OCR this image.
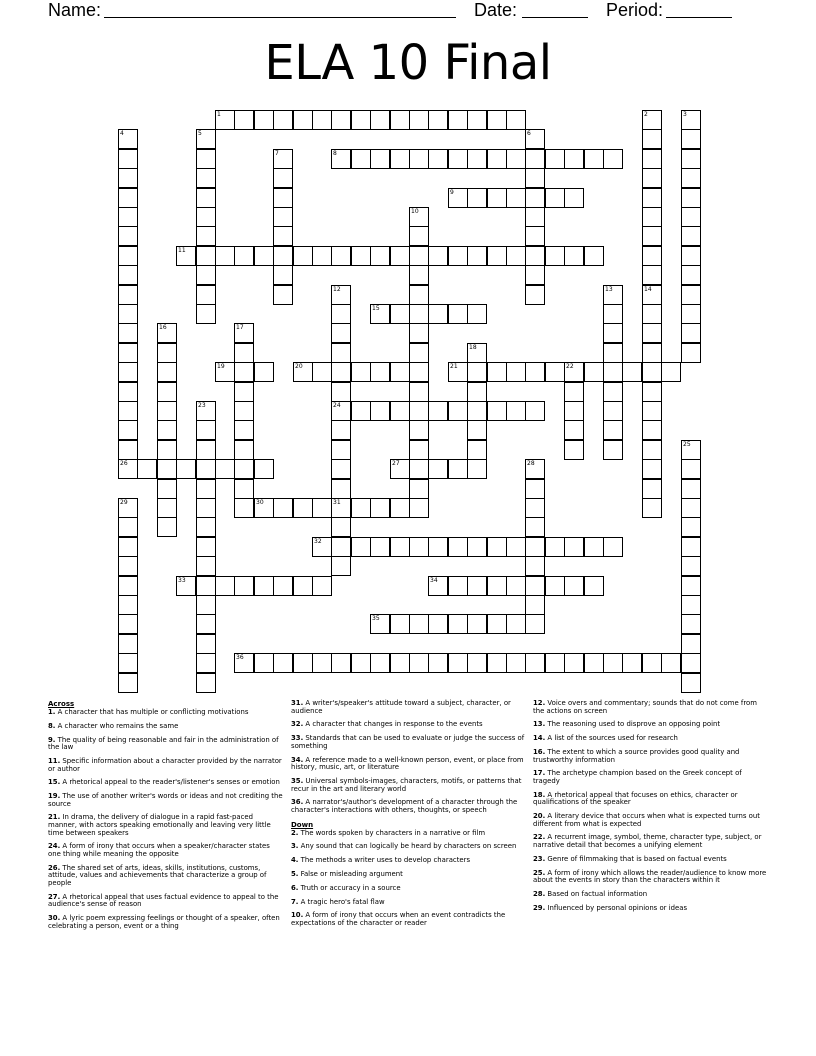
Name:	Date:	Period:
ELA 10 Final
1
8
9
11
15
19	20	21
24
26	27
30	31
32
33	34
35
36
2	3
4	5	6
7
10
12	13	14
16	17
18
22
23
25
28
29
Across
1. A character that has multiple or conflicting motivations
8. A character who remains the same
9. The quality of being reasonable and fair in the administration of the law
11. Specific information about a character provided by the narrator or author
15. A rhetorical appeal to the reader's/listener's senses or emotion
19. The use of another writer's words or ideas and not crediting the source
21. In drama, the delivery of dialogue in a rapid fast-paced manner, with actors speaking emotionally and leaving very little time between speakers
24. A form of irony that occurs when a speaker/character states one thing while meaning the opposite
26. The shared set of arts, ideas, skills, institutions, customs, attitude, values and achievements that characterize a group of people
27. A rhetorical appeal that uses factual evidence to appeal to the audience's sense of reason
30. A lyric poem expressing feelings or thought of a speaker, often celebrating a person, event or a thing
31. A writer's/speaker's attitude toward a subject, character, or audience
32. A character that changes in response to the events
33. Standards that can be used to evaluate or judge the success of something
34. A reference made to a well-known person, event, or place from history, music, art, or literature
35. Universal symbols-images, characters, motifs, or patterns that recur in the art and literary world
36. A narrator's/author's development of a character through the character's interactions with others, thoughts, or speech
Down
2. The words spoken by characters in a narrative or film
3. Any sound that can logically be heard by characters on screen
4. The methods a writer uses to develop characters
5. False or misleading argument
6. Truth or accuracy in a source
7. A tragic hero's fatal flaw
10. A form of irony that occurs when an event contradicts the expectations of the character or reader
12. Voice overs and commentary; sounds that do not come from the actions on screen
13. The reasoning used to disprove an opposing point
14. A list of the sources used for research
16. The extent to which a source provides good quality and trustworthy information
17. The archetype champion based on the Greek concept of tragedy
18. A rhetorical appeal that focuses on ethics, character or qualifications of the speaker
20. A literary device that occurs when what is expected turns out different from what is expected
22. A recurrent image, symbol, theme, character type, subject, or narrative detail that becomes a unifying element
23. Genre of filmmaking that is based on factual events
25. A form of irony which allows the reader/audience to know more about the events in story than the characters within it
28. Based on factual information
29. Influenced by personal opinions or ideas
